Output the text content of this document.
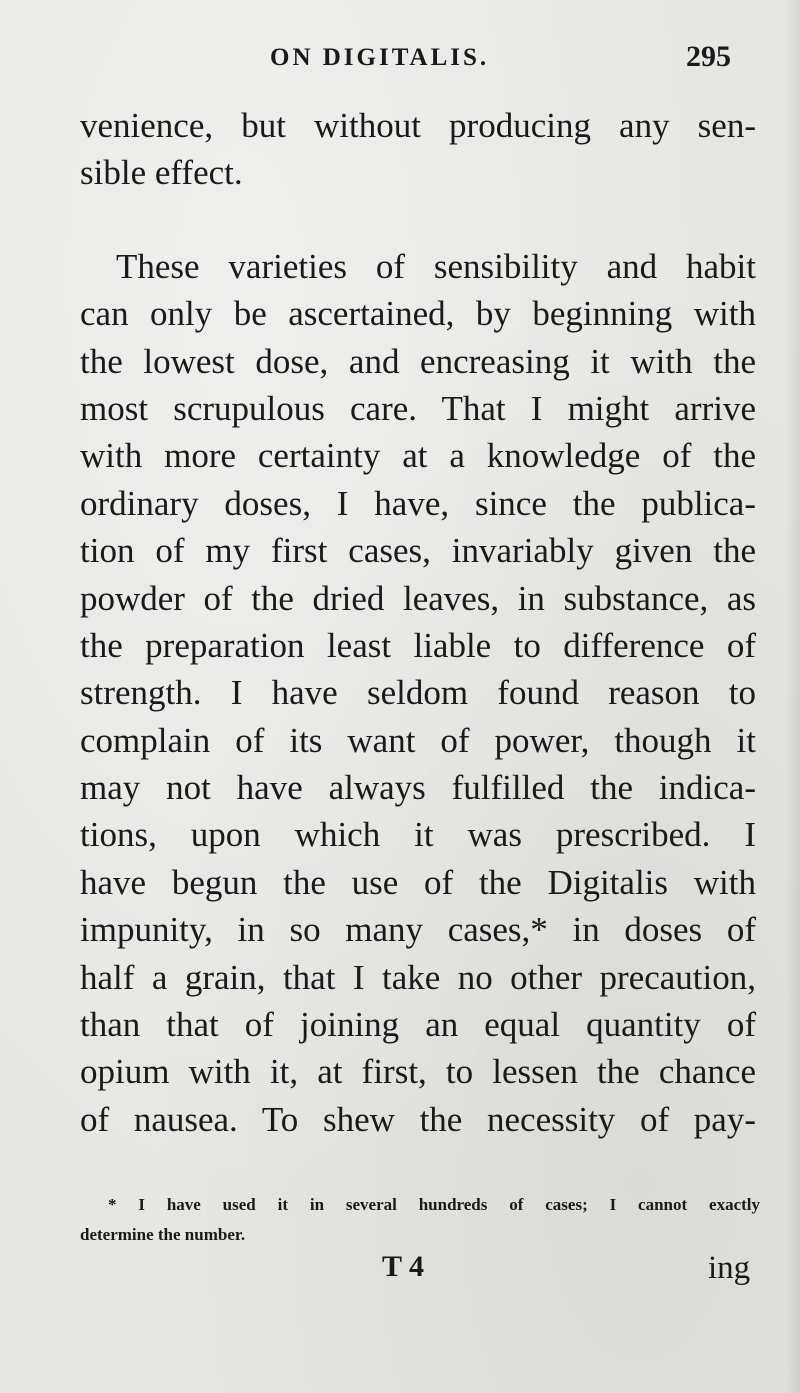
ON DIGITALIS.	295
venience, but without producing any sen-
sible effect.
These varieties of sensibility and habit
can only be ascertained, by beginning with
the lowest dose, and encreasing it with the
most scrupulous care. That I might arrive
with more certainty at a knowledge of the
ordinary doses, I have, since the publica-
tion of my first cases, invariably given the
powder of the dried leaves, in substance, as
the preparation least liable to difference of
strength. I have seldom found reason to
complain of its want of power, though it
may not have always fulfilled the indica-
tions, upon which it was prescribed. I
have begun the use of the Digitalis with
impunity, in so many cases,* in doses of
half a grain, that I take no other precaution,
than that of joining an equal quantity of
opium with it, at first, to lessen the chance
of nausea. To shew the necessity of pay-
* I have used it in several hundreds of cases; I cannot exactly
determine the number.
T 4	ing
